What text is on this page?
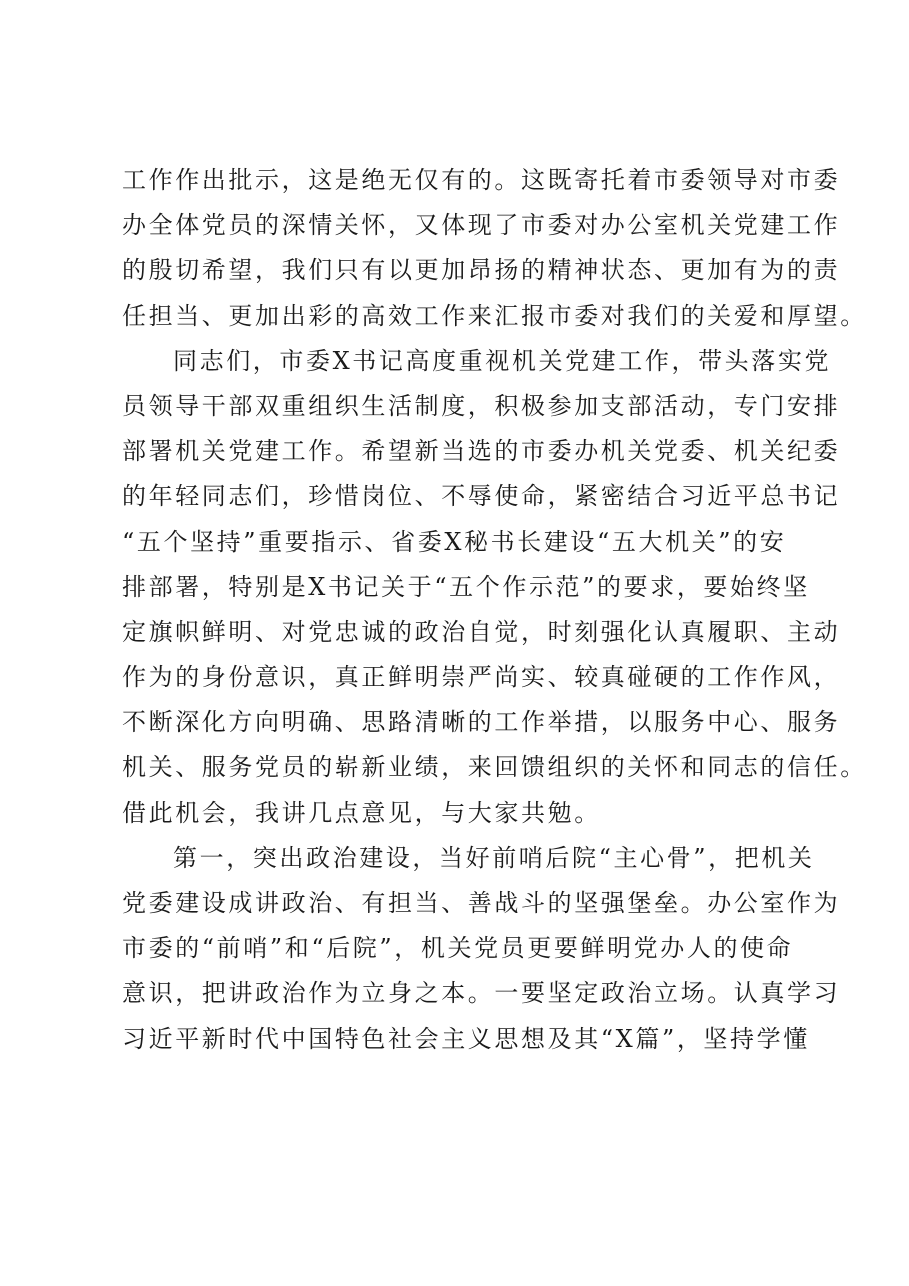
工作作出批示，这是绝无仅有的。这既寄托着市委领导对市委
办全体党员的深情关怀，又体现了市委对办公室机关党建工作
的殷切希望，我们只有以更加昂扬的精神状态、更加有为的责
任担当、更加出彩的高效工作来汇报市委对我们的关爱和厚望。
同志们，市委X书记高度重视机关党建工作，带头落实党
员领导干部双重组织生活制度，积极参加支部活动，专门安排
部署机关党建工作。希望新当选的市委办机关党委、机关纪委
的年轻同志们，珍惜岗位、不辱使命，紧密结合习近平总书记
“五个坚持”重要指示、省委X秘书长建设“五大机关”的安
排部署，特别是X书记关于“五个作示范”的要求，要始终坚
定旗帜鲜明、对党忠诚的政治自觉，时刻强化认真履职、主动
作为的身份意识，真正鲜明崇严尚实、较真碰硬的工作作风，
不断深化方向明确、思路清晰的工作举措，以服务中心、服务
机关、服务党员的崭新业绩，来回馈组织的关怀和同志的信任。
借此机会，我讲几点意见，与大家共勉。
第一，突出政治建设，当好前哨后院“主心骨”，把机关
党委建设成讲政治、有担当、善战斗的坚强堡垒。办公室作为
市委的“前哨”和“后院”，机关党员更要鲜明党办人的使命
意识，把讲政治作为立身之本。一要坚定政治立场。认真学习
习近平新时代中国特色社会主义思想及其“X篇”，坚持学懂
